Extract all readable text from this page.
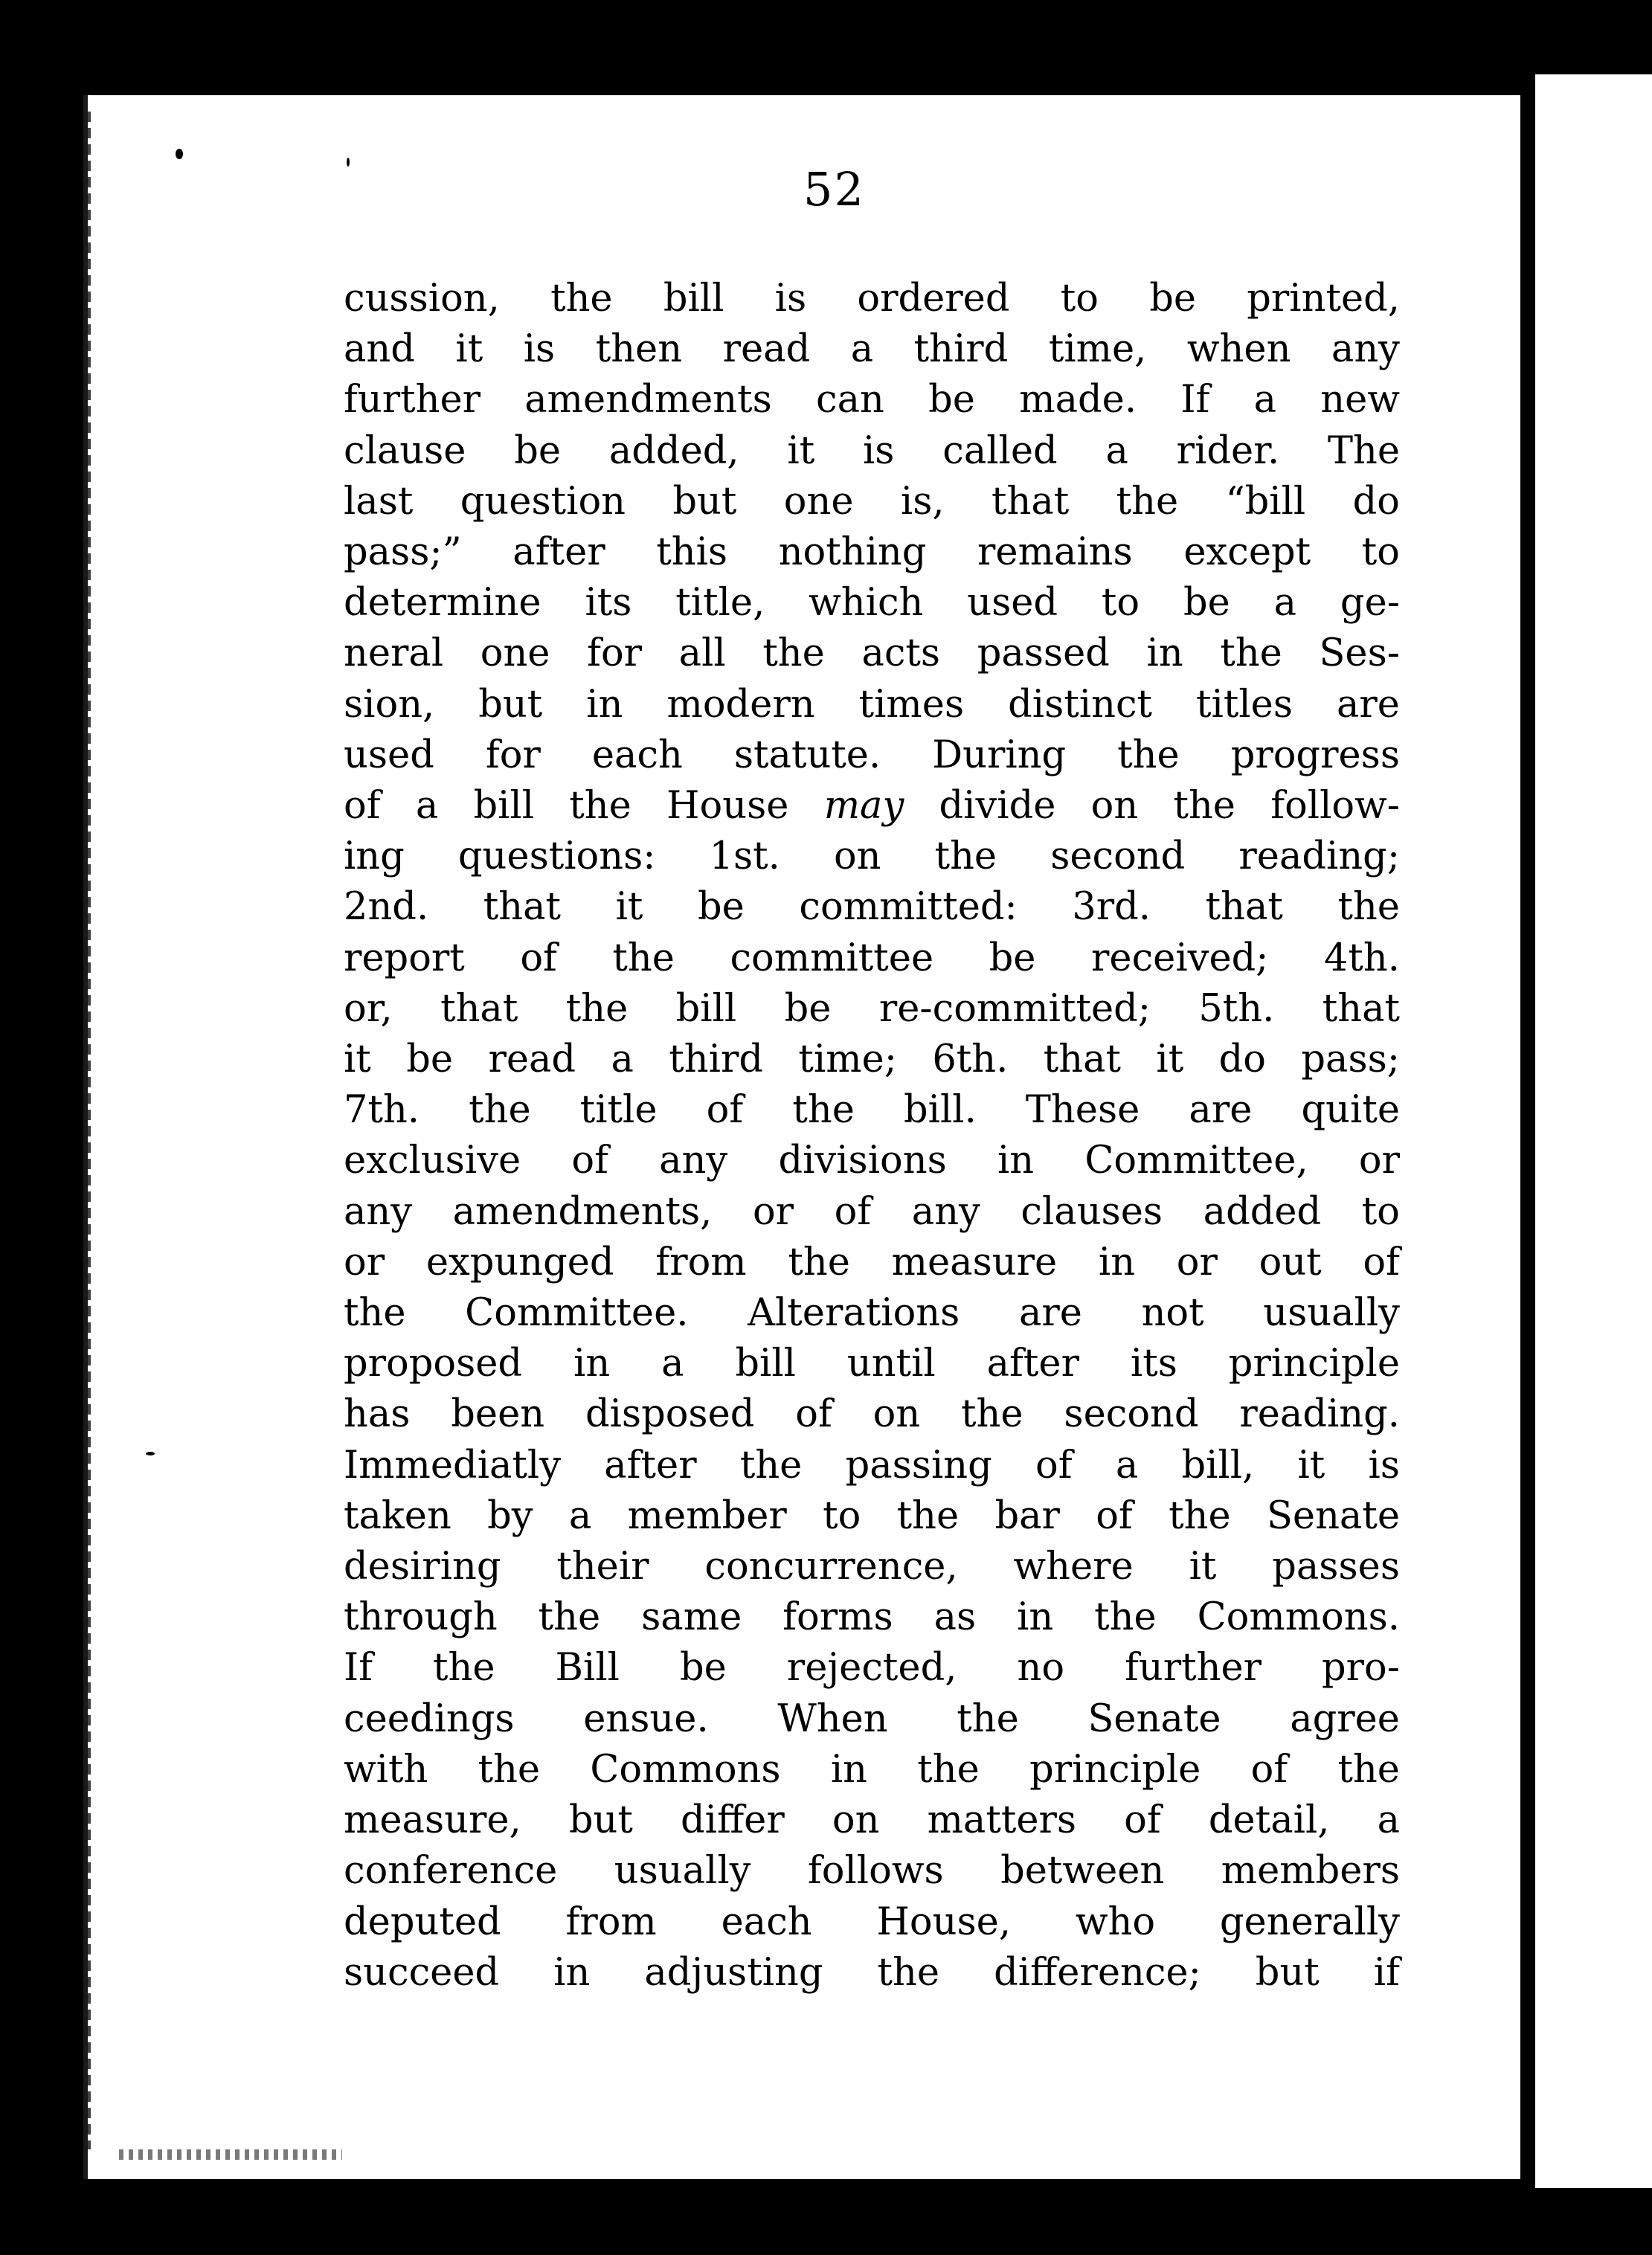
52
cussion, the bill is ordered to be printed,
and it is then read a third time, when any
further amendments can be made. If a new
clause be added, it is called a rider. The
last question but one is, that the “bill do
pass;” after this nothing remains except to
determine its title, which used to be a ge-
neral one for all the acts passed in the Ses-
sion, but in modern times distinct titles are
used for each statute. During the progress
of a bill the House may divide on the follow-
ing questions: 1st. on the second reading;
2nd. that it be committed: 3rd. that the
report of the committee be received; 4th.
or, that the bill be re-committed; 5th. that
it be read a third time; 6th. that it do pass;
7th. the title of the bill. These are quite
exclusive of any divisions in Committee, or
any amendments, or of any clauses added to
or expunged from the measure in or out of
the Committee. Alterations are not usually
proposed in a bill until after its principle
has been disposed of on the second reading.
Immediatly after the passing of a bill, it is
taken by a member to the bar of the Senate
desiring their concurrence, where it passes
through the same forms as in the Commons.
If the Bill be rejected, no further pro-
ceedings ensue. When the Senate agree
with the Commons in the principle of the
measure, but differ on matters of detail, a
conference usually follows between members
deputed from each House, who generally
succeed in adjusting the difference; but if
